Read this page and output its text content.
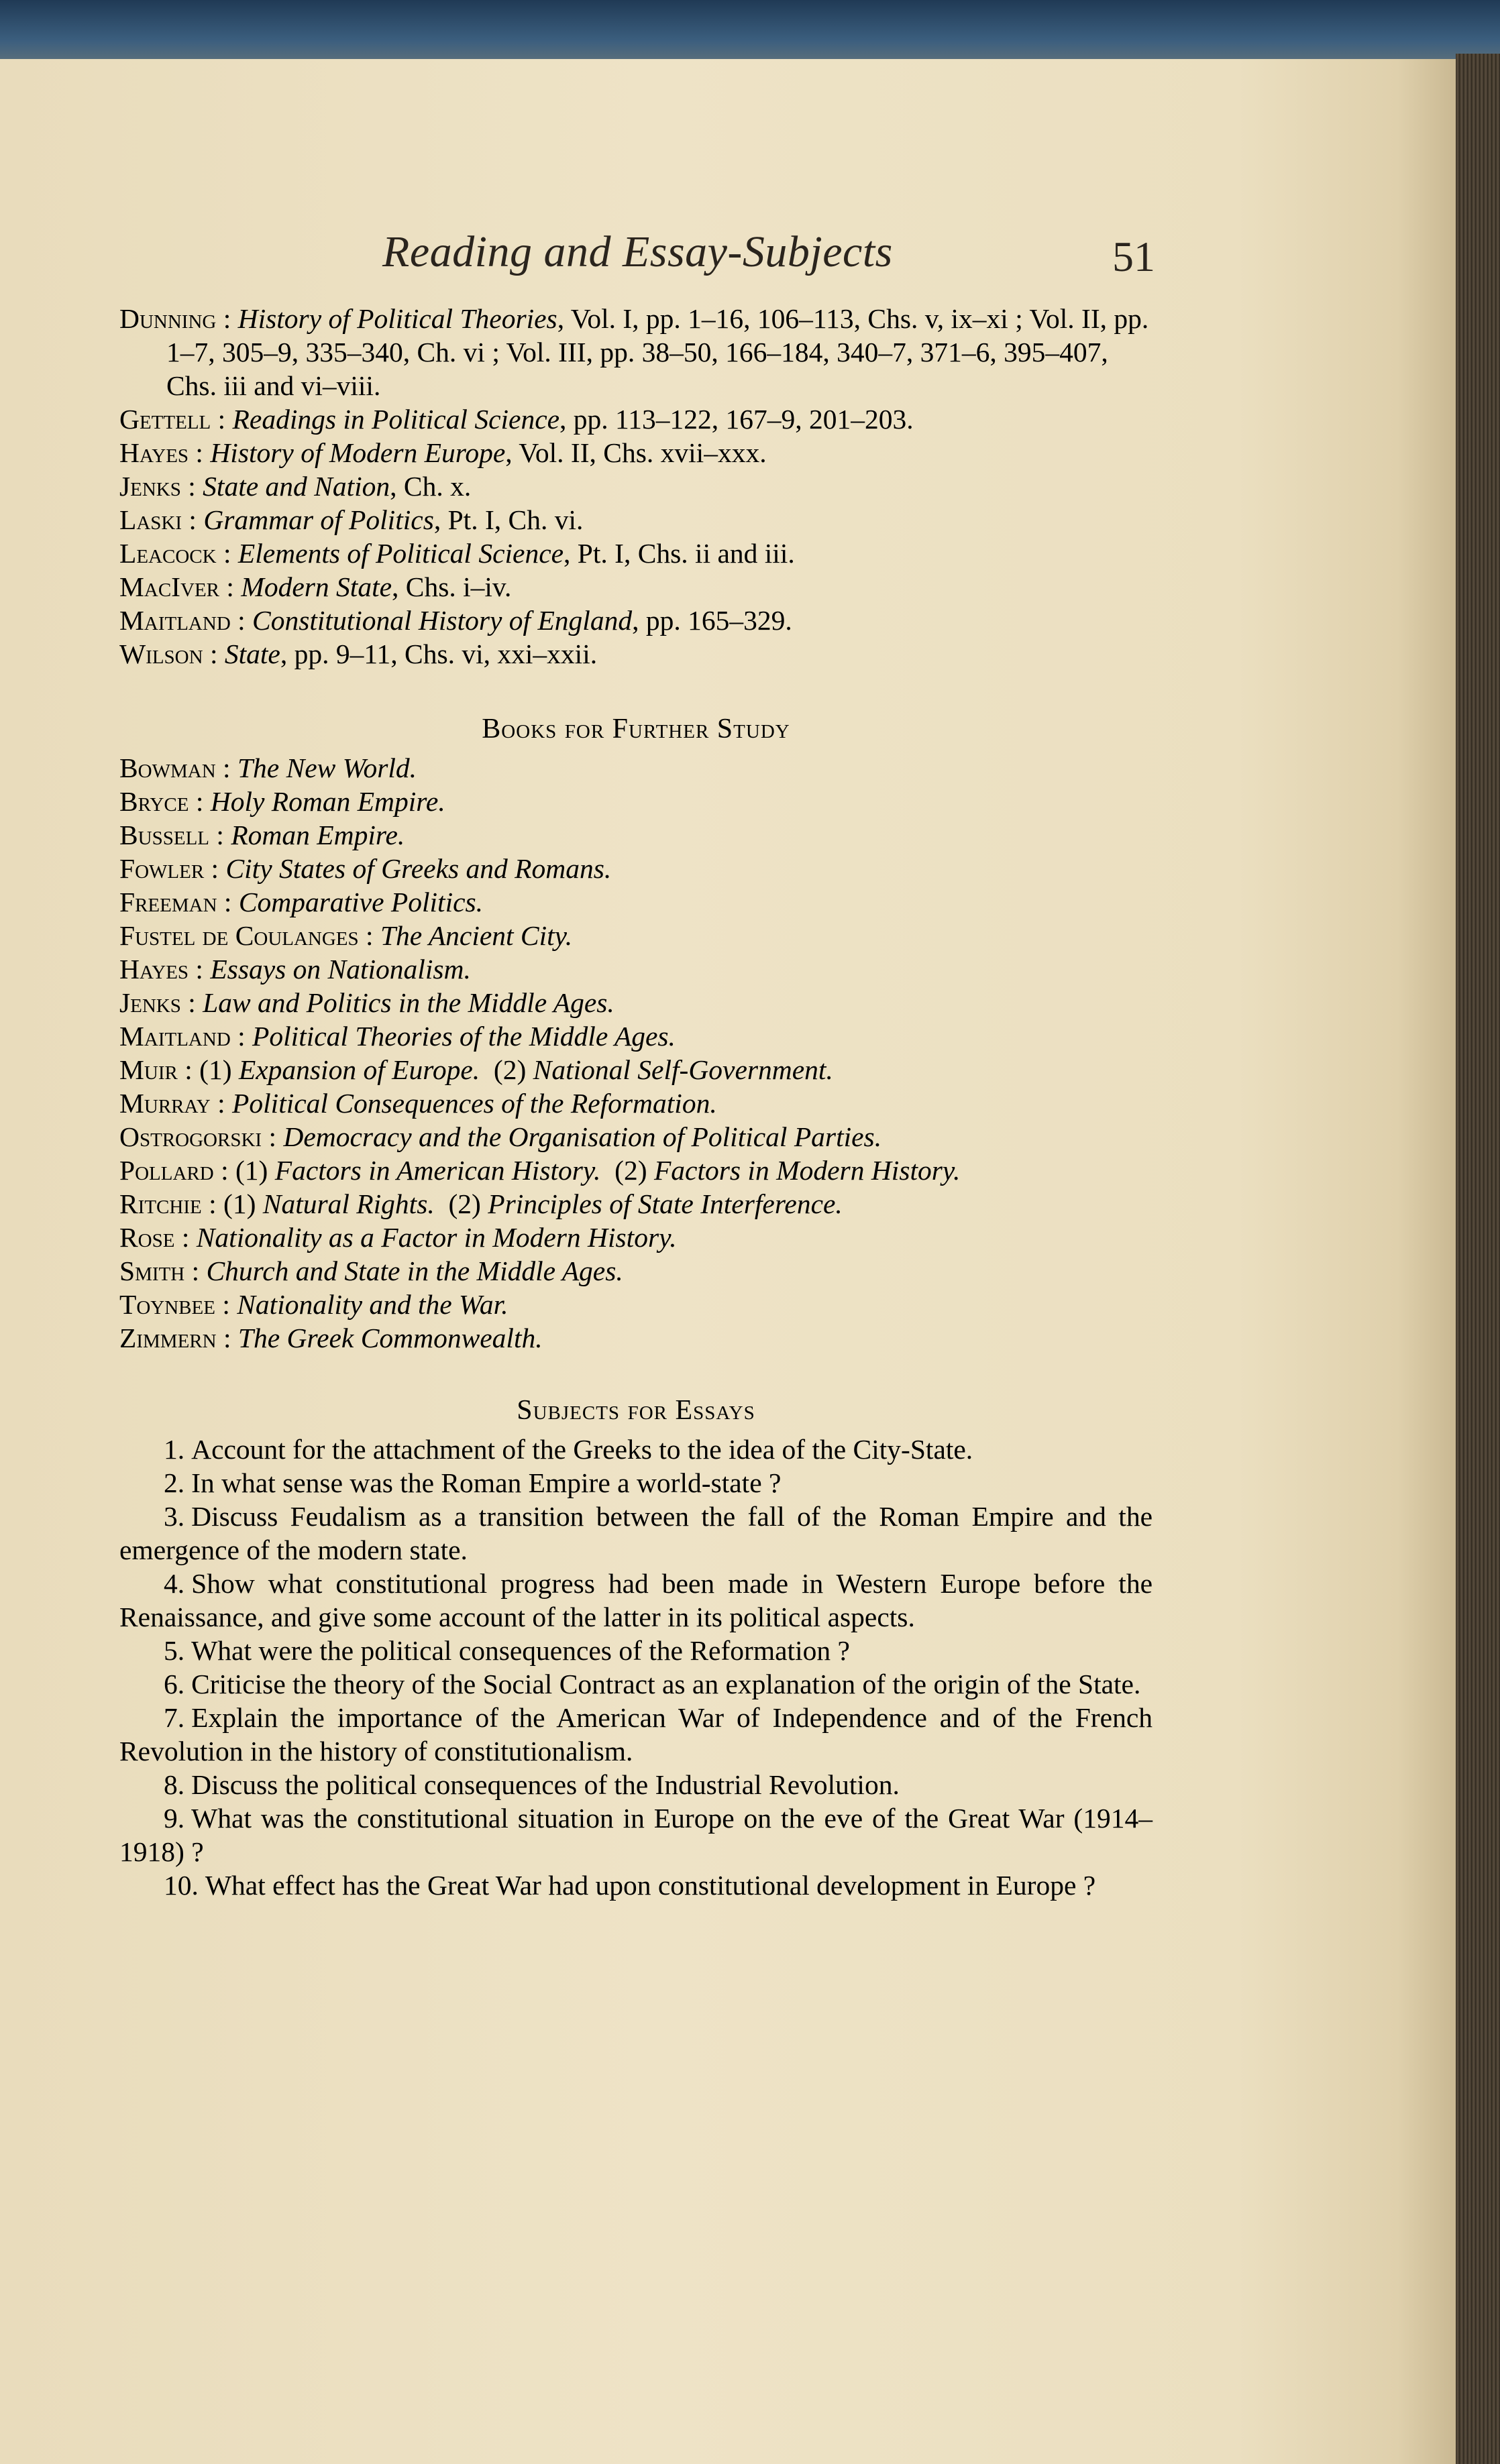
Reading and Essay-Subjects	51
Dunning : History of Political Theories, Vol. I, pp. 1–16, 106–113, Chs. v, ix–xi ; Vol. II, pp. 1–7, 305–9, 335–340, Ch. vi ; Vol. III, pp. 38–50, 166–184, 340–7, 371–6, 395–407, Chs. iii and vi–viii.
Gettell : Readings in Political Science, pp. 113–122, 167–9, 201–203.
Hayes : History of Modern Europe, Vol. II, Chs. xvii–xxx.
Jenks : State and Nation, Ch. x.
Laski : Grammar of Politics, Pt. I, Ch. vi.
Leacock : Elements of Political Science, Pt. I, Chs. ii and iii.
MacIver : Modern State, Chs. i–iv.
Maitland : Constitutional History of England, pp. 165–329.
Wilson : State, pp. 9–11, Chs. vi, xxi–xxii.

Books for Further Study

Bowman : The New World.
Bryce : Holy Roman Empire.
Bussell : Roman Empire.
Fowler : City States of Greeks and Romans.
Freeman : Comparative Politics.
Fustel de Coulanges : The Ancient City.
Hayes : Essays on Nationalism.
Jenks : Law and Politics in the Middle Ages.
Maitland : Political Theories of the Middle Ages.
Muir : (1) Expansion of Europe.  (2) National Self-Government.
Murray : Political Consequences of the Reformation.
Ostrogorski : Democracy and the Organisation of Political Parties.
Pollard : (1) Factors in American History.  (2) Factors in Modern History.
Ritchie : (1) Natural Rights.  (2) Principles of State Interference.
Rose : Nationality as a Factor in Modern History.
Smith : Church and State in the Middle Ages.
Toynbee : Nationality and the War.
Zimmern : The Greek Commonwealth.

Subjects for Essays

1. Account for the attachment of the Greeks to the idea of the City-State.
2. In what sense was the Roman Empire a world-state ?
3. Discuss Feudalism as a transition between the fall of the Roman Empire and the emergence of the modern state.
4. Show what constitutional progress had been made in Western Europe before the Renaissance, and give some account of the latter in its political aspects.
5. What were the political consequences of the Reformation ?
6. Criticise the theory of the Social Contract as an explanation of the origin of the State.
7. Explain the importance of the American War of Independence and of the French Revolution in the history of constitutionalism.
8. Discuss the political consequences of the Industrial Revolution.
9. What was the constitutional situation in Europe on the eve of the Great War (1914–1918) ?
10. What effect has the Great War had upon constitutional development in Europe ?
